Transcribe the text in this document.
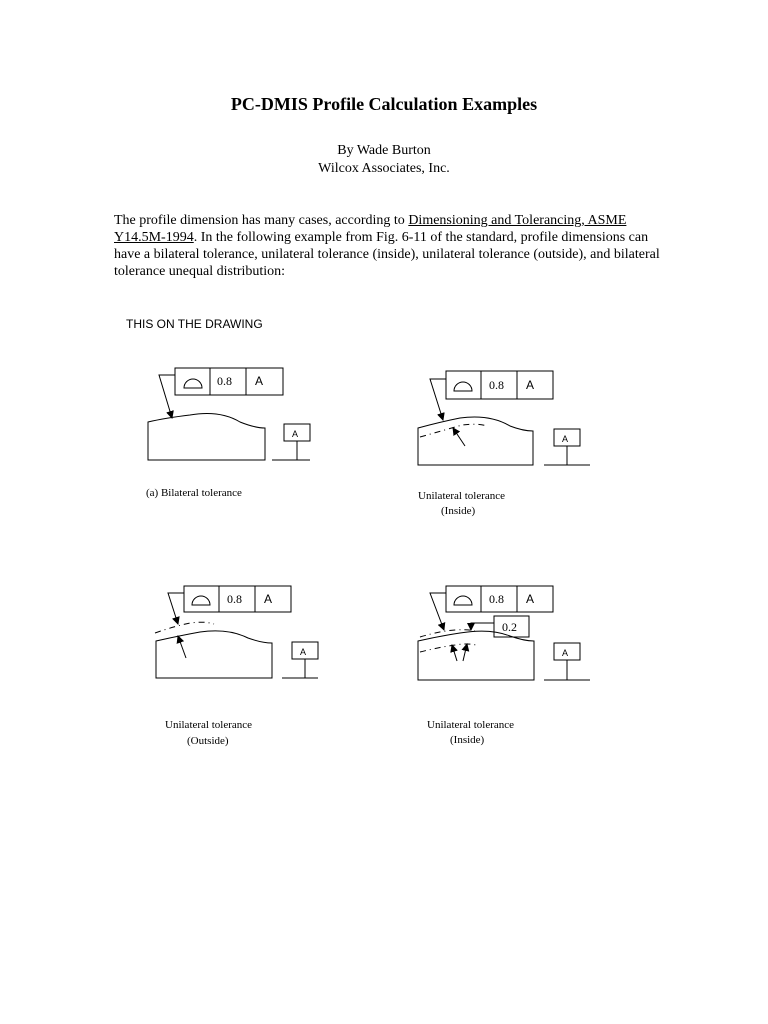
PC-DMIS Profile Calculation Examples
By Wade Burton
Wilcox Associates, Inc.
The profile dimension has many cases, according to Dimensioning and Tolerancing, ASME Y14.5M-1994. In the following example from Fig. 6-11 of the standard, profile dimensions can have a bilateral tolerance, unilateral tolerance (inside), unilateral tolerance (outside), and bilateral tolerance unequal distribution:
THIS ON THE DRAWING
0.8 A
A
(a) Bilateral tolerance
0.8 A
A
Unilateral tolerance
(Inside)
0.8 A
A
Unilateral tolerance
(Outside)
0.8 A
0.2
A
Unilateral tolerance
(Inside)
